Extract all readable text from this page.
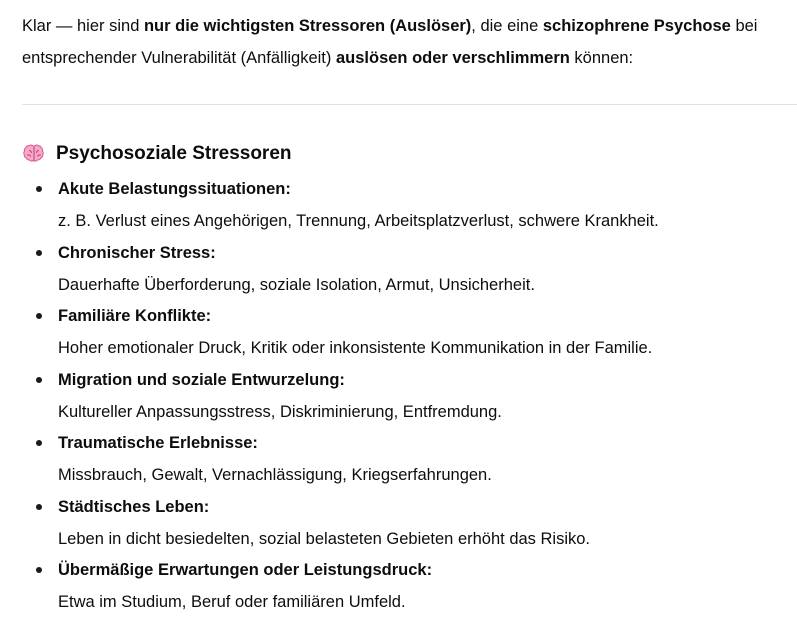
Klar — hier sind nur die wichtigsten Stressoren (Auslöser), die eine schizophrene Psychose bei entsprechender Vulnerabilität (Anfälligkeit) auslösen oder verschlimmern können:

Psychosoziale Stressoren
Akute Belastungssituationen:
z. B. Verlust eines Angehörigen, Trennung, Arbeitsplatzverlust, schwere Krankheit.
Chronischer Stress:
Dauerhafte Überforderung, soziale Isolation, Armut, Unsicherheit.
Familiäre Konflikte:
Hoher emotionaler Druck, Kritik oder inkonsistente Kommunikation in der Familie.
Migration und soziale Entwurzelung:
Kultureller Anpassungsstress, Diskriminierung, Entfremdung.
Traumatische Erlebnisse:
Missbrauch, Gewalt, Vernachlässigung, Kriegserfahrungen.
Städtisches Leben:
Leben in dicht besiedelten, sozial belasteten Gebieten erhöht das Risiko.
Übermäßige Erwartungen oder Leistungsdruck:
Etwa im Studium, Beruf oder familiären Umfeld.
